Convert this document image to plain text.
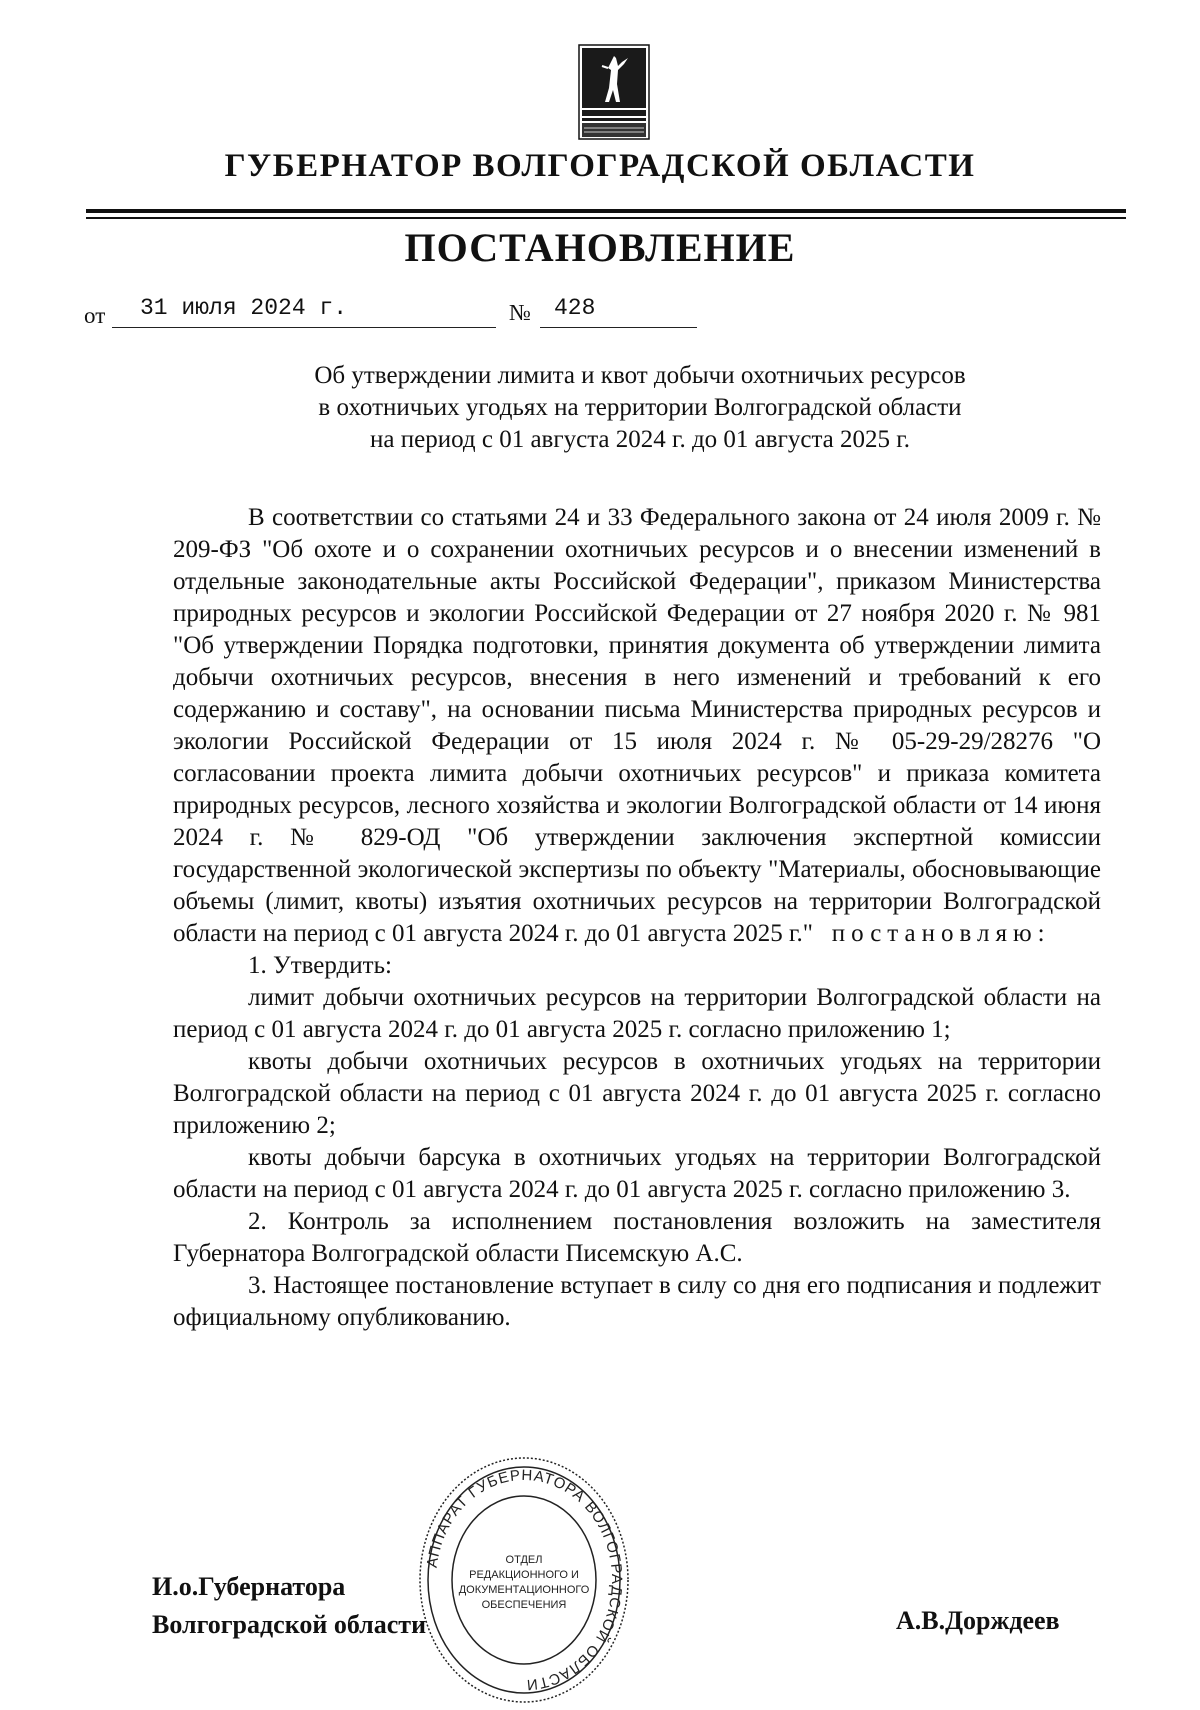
ГУБЕРНАТОР ВОЛГОГРАДСКОЙ ОБЛАСТИ
ПОСТАНОВЛЕНИЕ
от 31 июля 2024 г.	№ 428
Об утверждении лимита и квот добычи охотничьих ресурсов
в охотничьих угодьях на территории Волгоградской области
на период с 01 августа 2024 г. до 01 августа 2025 г.

В соответствии со статьями 24 и 33 Федерального закона от 24 июля 2009 г. № 209-ФЗ "Об охоте и о сохранении охотничьих ресурсов и о внесении изменений в отдельные законодательные акты Российской Федерации", приказом Министерства природных ресурсов и экологии Российской Федерации от 27 ноября 2020 г. № 981 "Об утверждении Порядка подготовки, принятия документа об утверждении лимита добычи охотничьих ресурсов, внесения в него изменений и требований к его содержанию и составу", на основании письма Министерства природных ресурсов и экологии Российской Федерации от 15 июля 2024 г. № 05-29-29/28276 "О согласовании проекта лимита добычи охотничьих ресурсов" и приказа комитета природных ресурсов, лесного хозяйства и экологии Волгоградской области от 14 июня 2024 г. № 829-ОД "Об утверждении заключения экспертной комиссии государственной экологической экспертизы по объекту "Материалы, обосновывающие объемы (лимит, квоты) изъятия охотничьих ресурсов на территории Волгоградской области на период с 01 августа 2024 г. до 01 августа 2025 г." постановляю:

1. Утвердить:

лимит добычи охотничьих ресурсов на территории Волгоградской области на период с 01 августа 2024 г. до 01 августа 2025 г. согласно приложению 1;

квоты добычи охотничьих ресурсов в охотничьих угодьях на территории Волгоградской области на период с 01 августа 2024 г. до 01 августа 2025 г. согласно приложению 2;

квоты добычи барсука в охотничьих угодьях на территории Волгоградской области на период с 01 августа 2024 г. до 01 августа 2025 г. согласно приложению 3.

2. Контроль за исполнением постановления возложить на заместителя Губернатора Волгоградской области Писемскую А.С.

3. Настоящее постановление вступает в силу со дня его подписания и подлежит официальному опубликованию.

АППАРАТ ГУБЕРНАТОРА ВОЛГОГРАДСКОЙ ОБЛАСТИ
ОТДЕЛ
РЕДАКЦИОННОГО И
ДОКУМЕНТАЦИОННОГО
ОБЕСПЕЧЕНИЯ
И.о.Губернатора
Волгоградской области	А.В.Дорждеев
